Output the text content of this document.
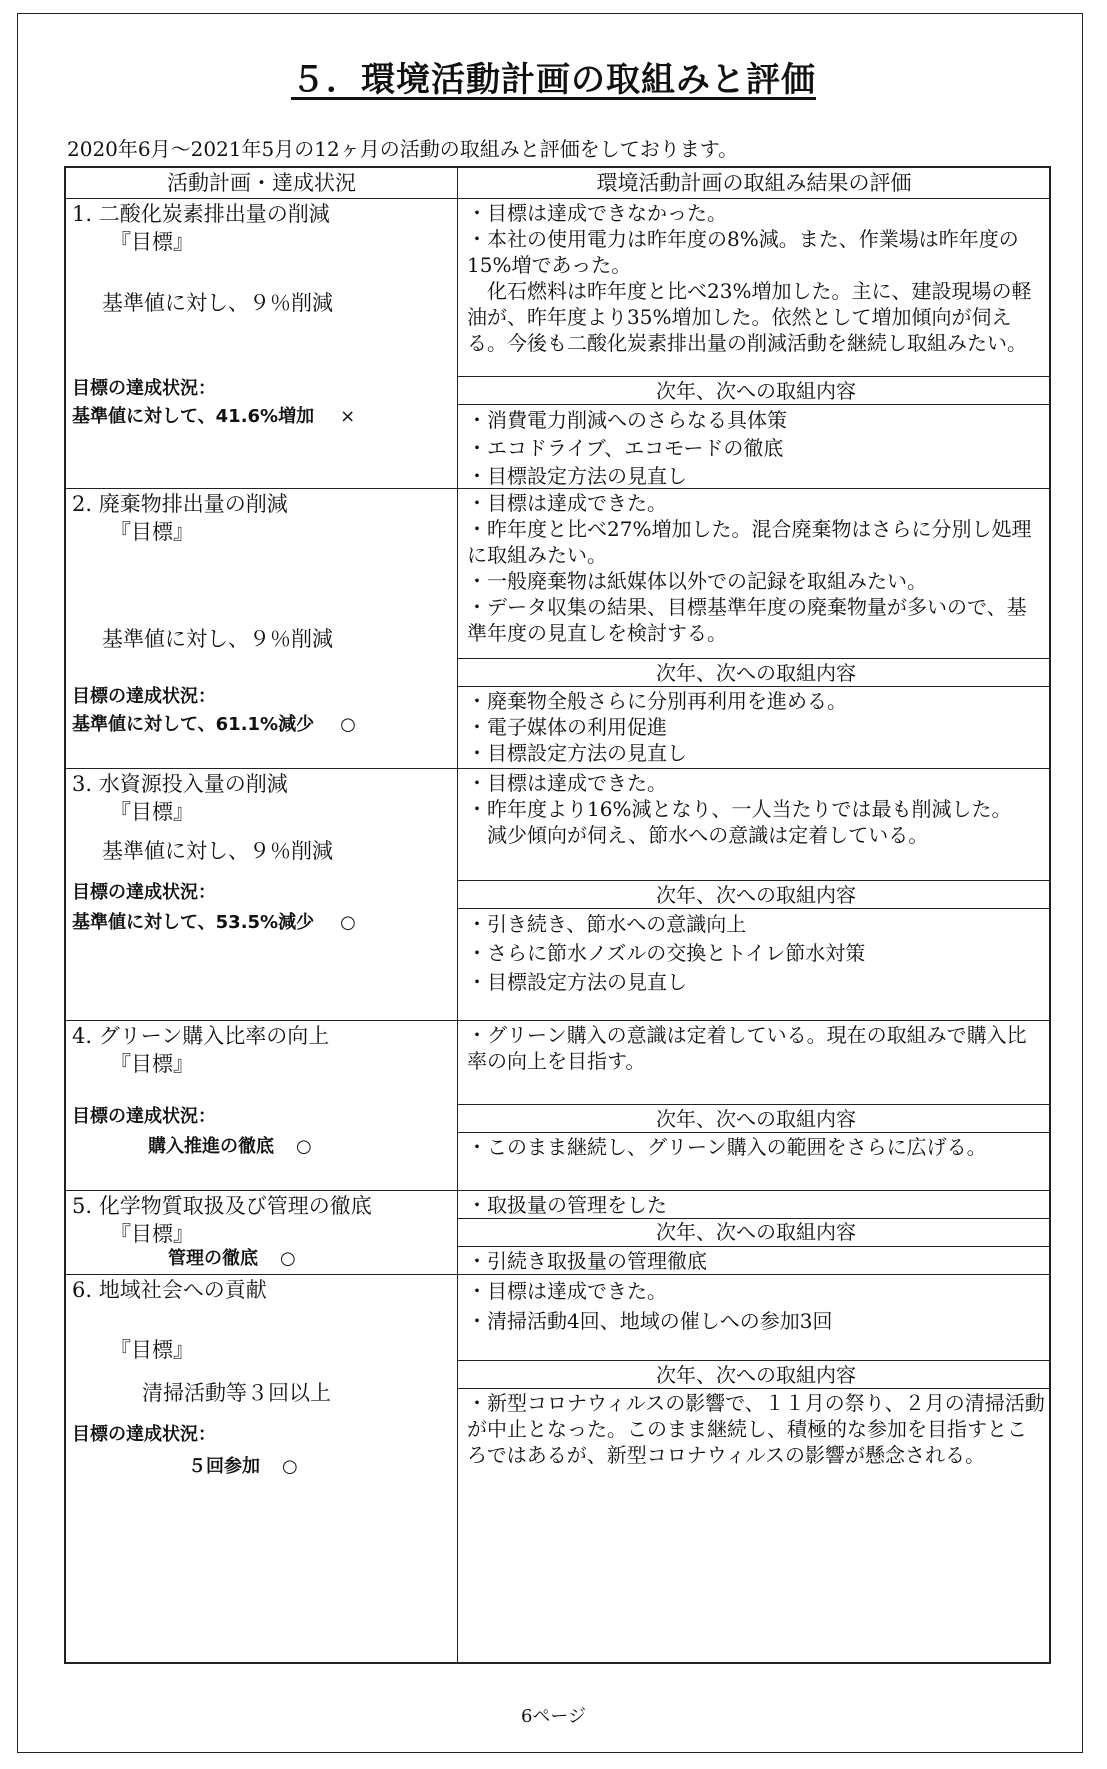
５．環境活動計画の取組みと評価
2020年6月～2021年5月の12ヶ月の活動の取組みと評価をしております。
活動計画・達成状況	環境活動計画の取組み結果の評価
1. 二酸化炭素排出量の削減
『目標』
基準値に対し、９％削減
目標の達成状況：
基準値に対して、41.6%増加 ×

・目標は達成できなかった。

・本社の使用電力は昨年度の8%減。また、作業場は昨年度の15%増であった。

　化石燃料は昨年度と比べ23%増加した。主に、建設現場の軽油が、昨年度より35%増加した。依然として増加傾向が伺える。今後も二酸化炭素排出量の削減活動を継続し取組みたい。

次年、次への取組内容

・消費電力削減へのさらなる具体策

・エコドライブ、エコモードの徹底

・目標設定方法の見直し

2. 廃棄物排出量の削減
『目標』
基準値に対し、９％削減
目標の達成状況：
基準値に対して、61.1%減少 ○

・目標は達成できた。

・昨年度と比べ27%増加した。混合廃棄物はさらに分別し処理に取組みたい。

・一般廃棄物は紙媒体以外での記録を取組みたい。

・データ収集の結果、目標基準年度の廃棄物量が多いので、基準年度の見直しを検討する。

次年、次への取組内容

・廃棄物全般さらに分別再利用を進める。

・電子媒体の利用促進

・目標設定方法の見直し

3. 水資源投入量の削減
『目標』
基準値に対し、９％削減
目標の達成状況：
基準値に対して、53.5%減少 ○

・目標は達成できた。

・昨年度より16%減となり、一人当たりでは最も削減した。

　減少傾向が伺え、節水への意識は定着している。

次年、次への取組内容

・引き続き、節水への意識向上

・さらに節水ノズルの交換とトイレ節水対策

・目標設定方法の見直し

4. グリーン購入比率の向上
『目標』
目標の達成状況：
購入推進の徹底 ○

・グリーン購入の意識は定着している。現在の取組みで購入比率の向上を目指す。

次年、次への取組内容

・このまま継続し、グリーン購入の範囲をさらに広げる。

5. 化学物質取扱及び管理の徹底
『目標』
管理の徹底 ○

・取扱量の管理をした

次年、次への取組内容

・引続き取扱量の管理徹底

6. 地域社会への貢献
『目標』
清掃活動等３回以上
目標の達成状況：
５回参加 ○

・目標は達成できた。

・清掃活動4回、地域の催しへの参加3回

次年、次への取組内容

・新型コロナウィルスの影響で、１１月の祭り、２月の清掃活動が中止となった。このまま継続し、積極的な参加を目指すところではあるが、新型コロナウィルスの影響が懸念される。

6ページ
